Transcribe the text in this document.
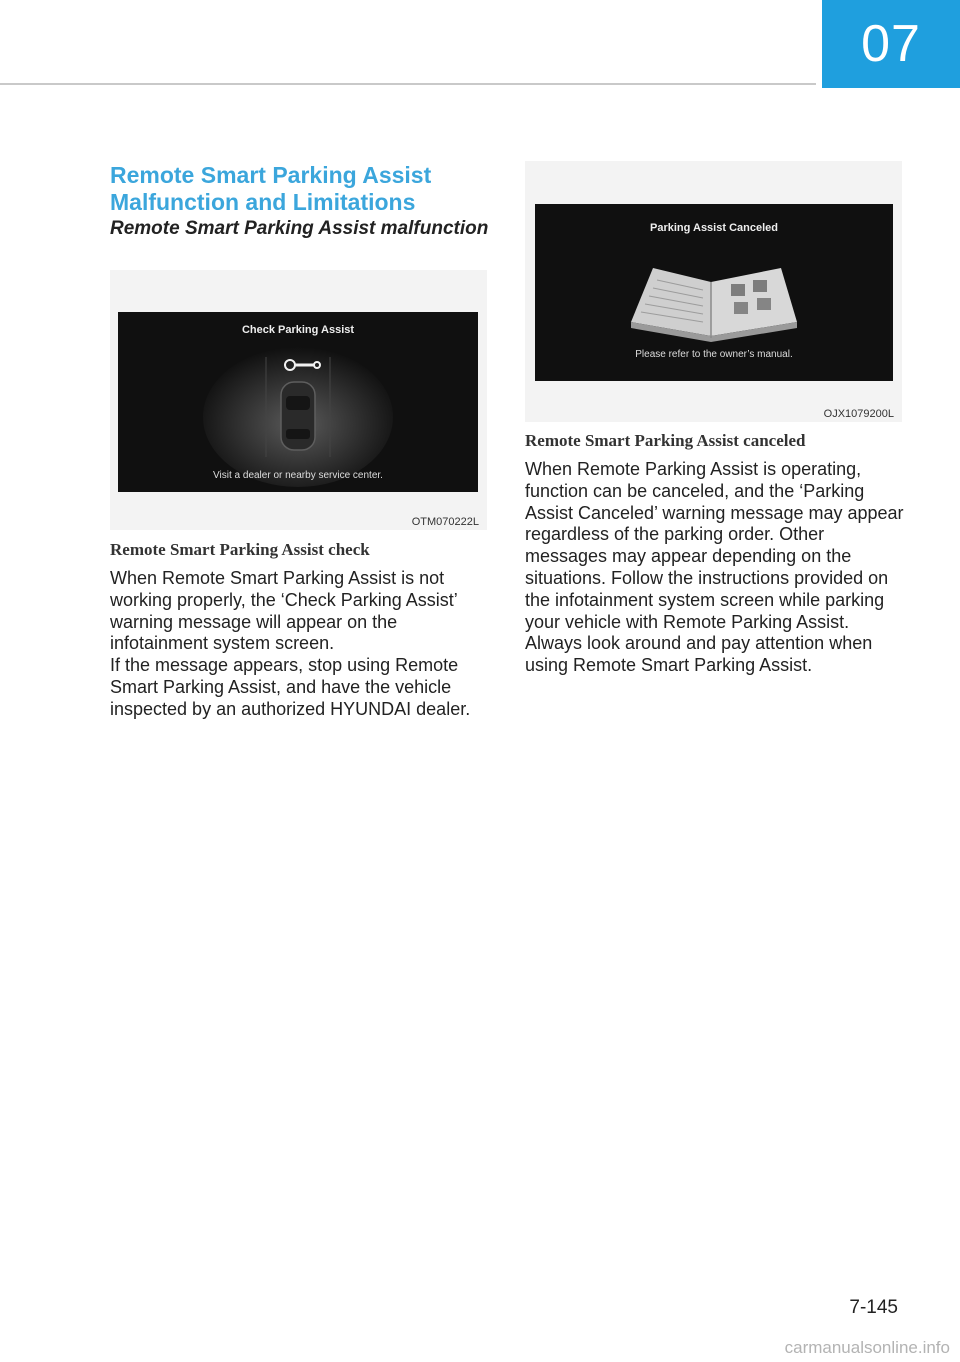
07
Remote Smart Parking Assist Malfunction and Limitations
Remote Smart Parking Assist malfunction
Check Parking Assist
Visit a dealer or nearby service center.
OTM070222L
Remote Smart Parking Assist check

When Remote Smart Parking Assist is not working properly, the ‘Check Parking Assist’ warning message will appear on the infotainment system screen.

If the message appears, stop using Remote Smart Parking Assist, and have the vehicle inspected by an authorized HYUNDAI dealer.

Parking Assist Canceled
Please refer to the owner’s manual.
OJX1079200L
Remote Smart Parking Assist canceled

When Remote Parking Assist is operating, function can be canceled, and the ‘Parking Assist Canceled’ warning message may appear regardless of the parking order. Other messages may appear depending on the situations. Follow the instructions provided on the infotainment system screen while parking your vehicle with Remote Parking Assist. Always look around and pay attention when using Remote Smart Parking Assist.

7-145
carmanualsonline.info
